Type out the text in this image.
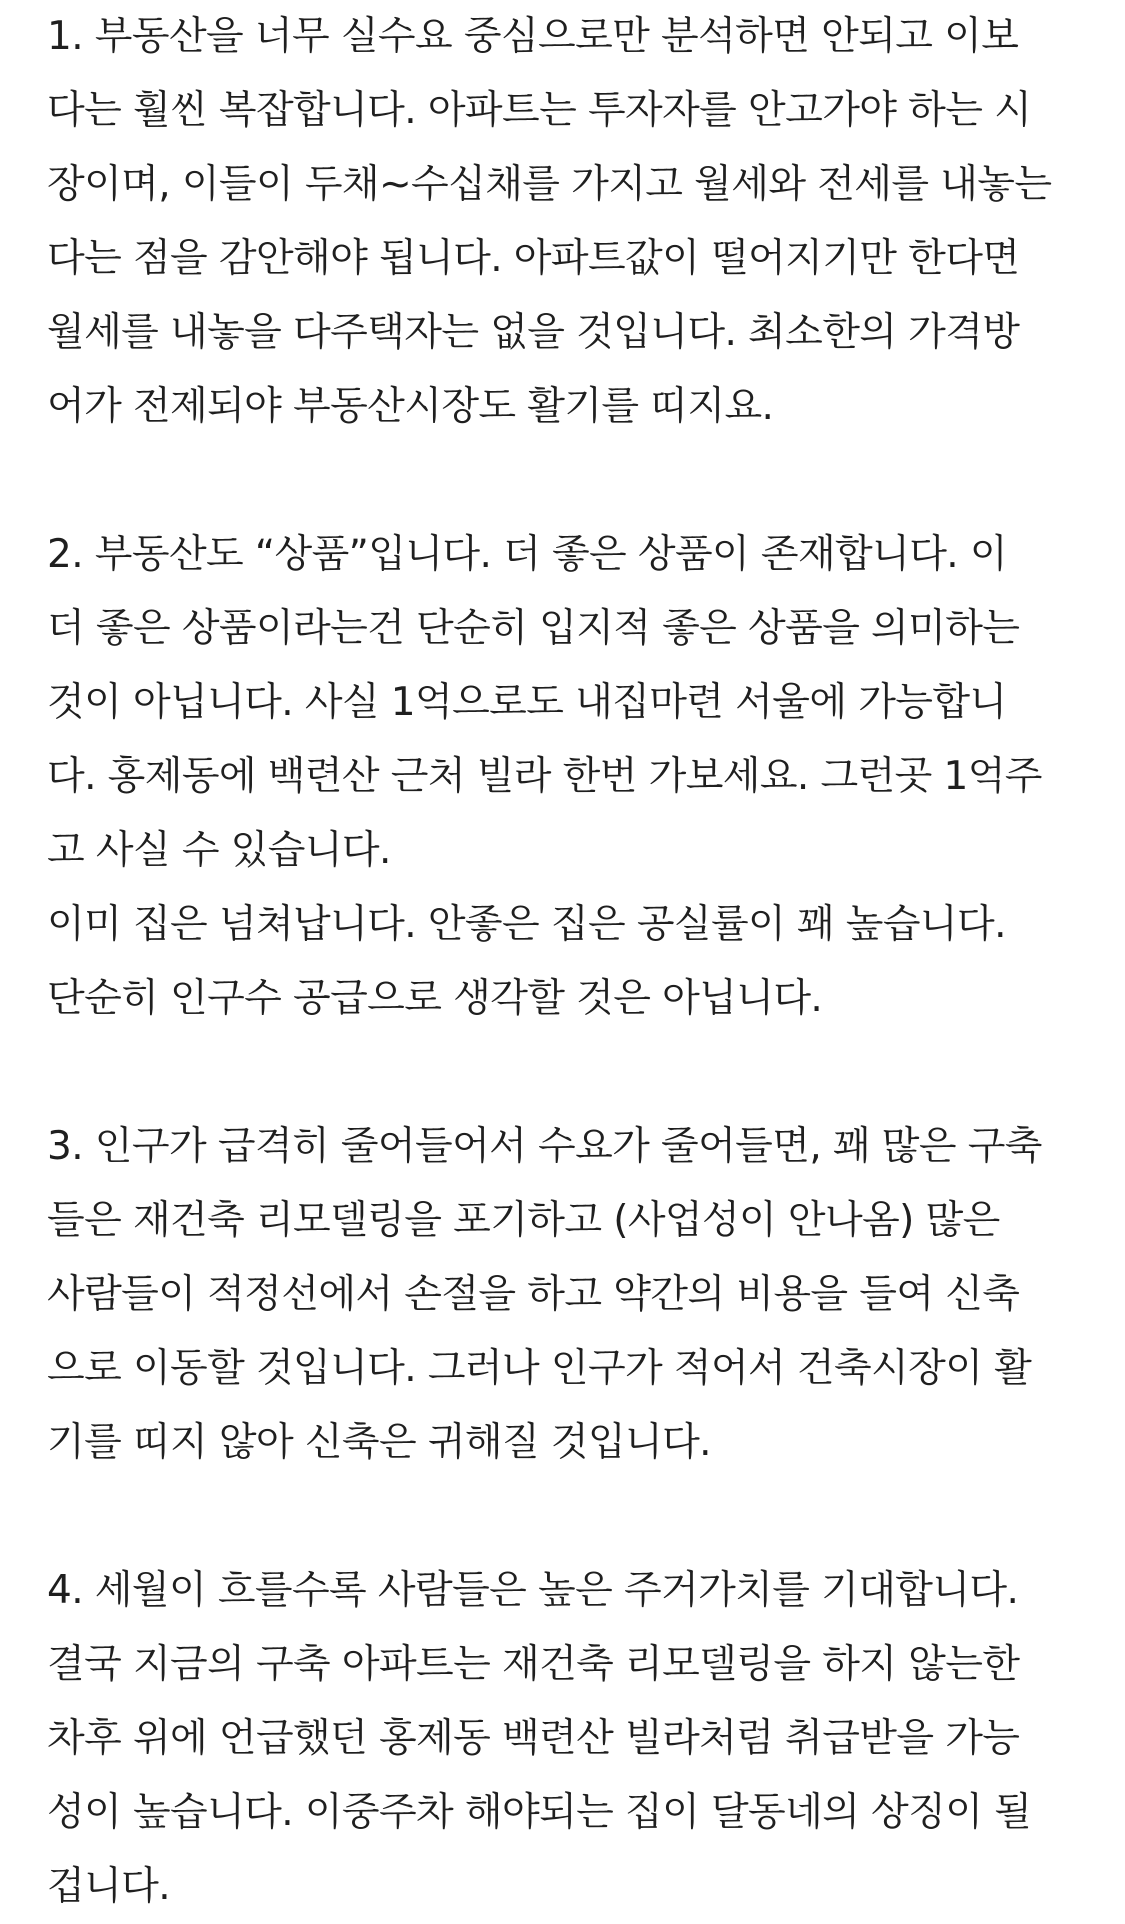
1. 부동산을 너무 실수요 중심으로만 분석하면 안되고 이보
다는 훨씬 복잡합니다. 아파트는 투자자를 안고가야 하는 시
장이며, 이들이 두채~수십채를 가지고 월세와 전세를 내놓는
다는 점을 감안해야 됩니다. 아파트값이 떨어지기만 한다면
월세를 내놓을 다주택자는 없을 것입니다. 최소한의 가격방
어가 전제되야 부동산시장도 활기를 띠지요.

2. 부동산도 “상품”입니다. 더 좋은 상품이 존재합니다. 이
더 좋은 상품이라는건 단순히 입지적 좋은 상품을 의미하는
것이 아닙니다. 사실 1억으로도 내집마련 서울에 가능합니
다. 홍제동에 백련산 근처 빌라 한번 가보세요. 그런곳 1억주
고 사실 수 있습니다.
이미 집은 넘쳐납니다. 안좋은 집은 공실률이 꽤 높습니다.
단순히 인구수 공급으로 생각할 것은 아닙니다.

3. 인구가 급격히 줄어들어서 수요가 줄어들면, 꽤 많은 구축
들은 재건축 리모델링을 포기하고 (사업성이 안나옴) 많은
사람들이 적정선에서 손절을 하고 약간의 비용을 들여 신축
으로 이동할 것입니다. 그러나 인구가 적어서 건축시장이 활
기를 띠지 않아 신축은 귀해질 것입니다.

4. 세월이 흐를수록 사람들은 높은 주거가치를 기대합니다.
결국 지금의 구축 아파트는 재건축 리모델링을 하지 않는한
차후 위에 언급했던 홍제동 백련산 빌라처럼 취급받을 가능
성이 높습니다. 이중주차 해야되는 집이 달동네의 상징이 될
겁니다.
